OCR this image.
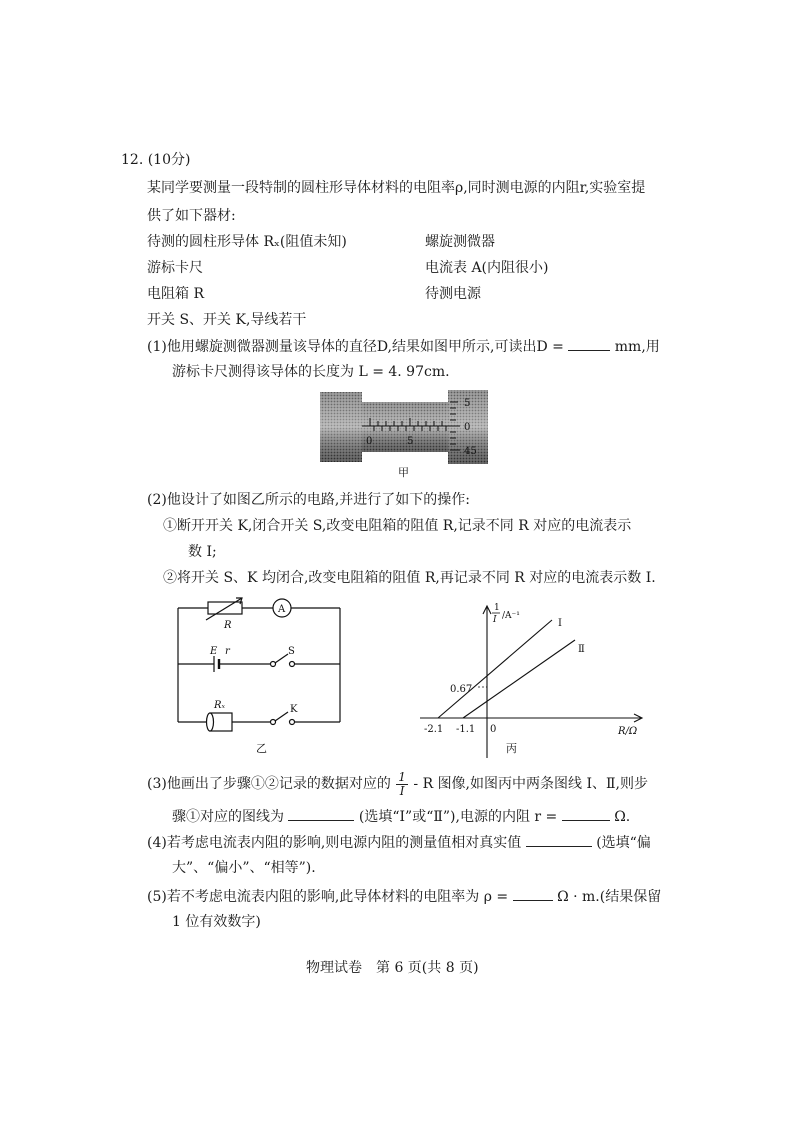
12. (10分)
某同学要测量一段特制的圆柱形导体材料的电阻率ρ,同时测电源的内阻r,实验室提
供了如下器材:
待测的圆柱形导体 Rₓ(阻值未知)	螺旋测微器
游标卡尺	电流表 A(内阻很小)
电阻箱 R	待测电源
开关 S、开关 K,导线若干
(1)他用螺旋测微器测量该导体的直径D,结果如图甲所示,可读出D =	mm,用
游标卡尺测得该导体的长度为 L = 4. 97cm.
0	5
5
0
45
甲
(2)他设计了如图乙所示的电路,并进行了如下的操作:
①断开开关 K,闭合开关 S,改变电阻箱的阻值 R,记录不同 R 对应的电流表示
数 I;
②将开关 S、K 均闭合,改变电阻箱的阻值 R,再记录不同 R 对应的电流表示数 I.
A
R
E r	S
Rₓ	K
乙
1
I /A⁻¹
R/Ω
I
Ⅱ
0.67
-2.1 -1.1 0
丙
(3)他画出了步骤①②记录的数据对应的 $\frac{1}{I}$ - R 图像,如图丙中两条图线 Ⅰ、Ⅱ,则步
骤①对应的图线为	(选填“Ⅰ”或“Ⅱ”),电源的内阻 r =	Ω.
(4)若考虑电流表内阻的影响,则电源内阻的测量值相对真实值	(选填“偏
大”、“偏小”、“相等”).
(5)若不考虑电流表内阻的影响,此导体材料的电阻率为 ρ =	Ω · m.(结果保留
1 位有效数字)
物理试卷　第 6 页(共 8 页)
